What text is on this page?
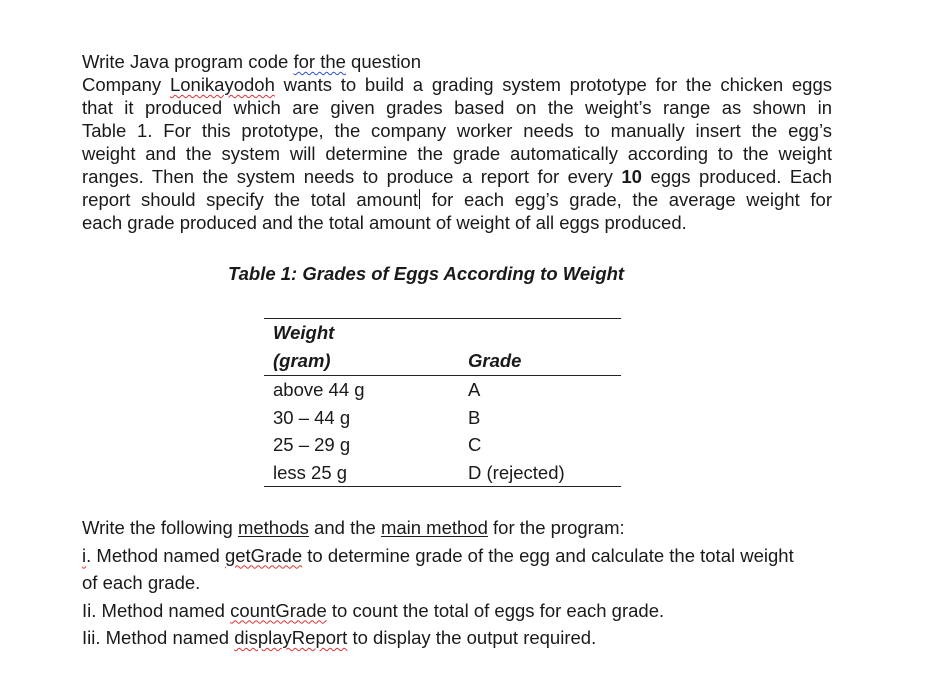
Write Java program code for the question
Company Lonikayodoh wants to build a grading system prototype for the chicken eggs
that it produced which are given grades based on the weight’s range as shown in
Table 1. For this prototype, the company worker needs to manually insert the egg’s
weight and the system will determine the grade automatically according to the weight
ranges. Then the system needs to produce a report for every 10 eggs produced. Each
report should specify the total amount for each egg’s grade, the average weight for
each grade produced and the total amount of weight of all eggs produced.
Table 1: Grades of Eggs According to Weight
Weight
(gram)	Grade
above 44 g	A
30 – 44 g	B
25 – 29 g	C
less 25 g	D (rejected)
Write the following methods and the main method for the program:
i. Method named getGrade to determine grade of the egg and calculate the total weight
of each grade.
Ii. Method named countGrade to count the total of eggs for each grade.
Iii. Method named displayReport to display the output required.
